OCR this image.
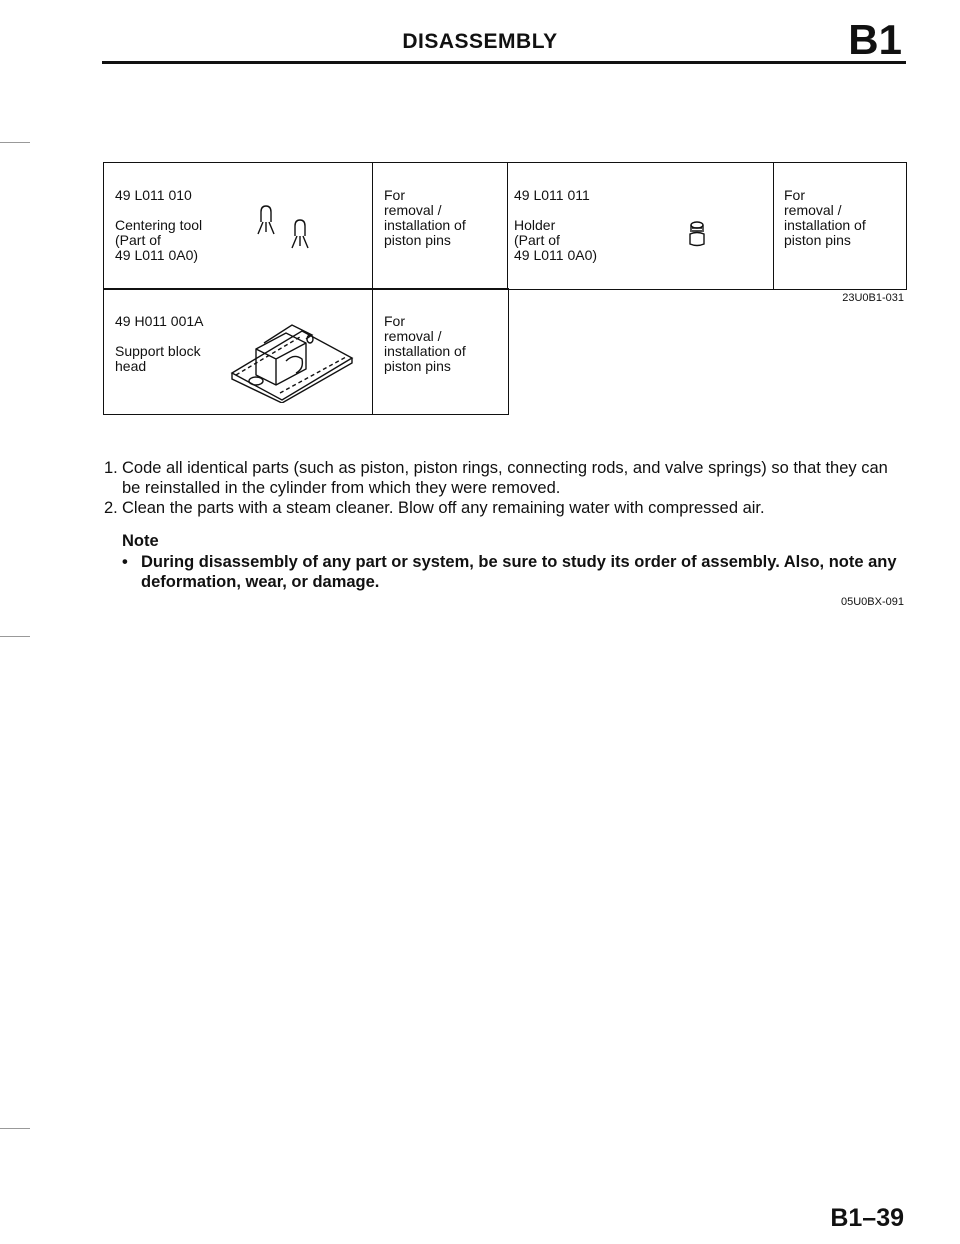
DISASSEMBLY	B1
49 L011 010
Centering tool
(Part of
49 L011 0A0)
For
removal /
installation of
piston pins
49 L011 011
Holder
(Part of
49 L011 0A0)
For
removal /
installation of
piston pins
23U0B1-031
49 H011 001A
Support block
head
For
removal /
installation of
piston pins
1. Code all identical parts (such as piston, piston rings, connecting rods, and valve springs) so that they can be reinstalled in the cylinder from which they were removed.
2. Clean the parts with a steam cleaner. Blow off any remaining water with compressed air.
Note
• During disassembly of any part or system, be sure to study its order of assembly. Also, note any deformation, wear, or damage.
05U0BX-091
B1–39
